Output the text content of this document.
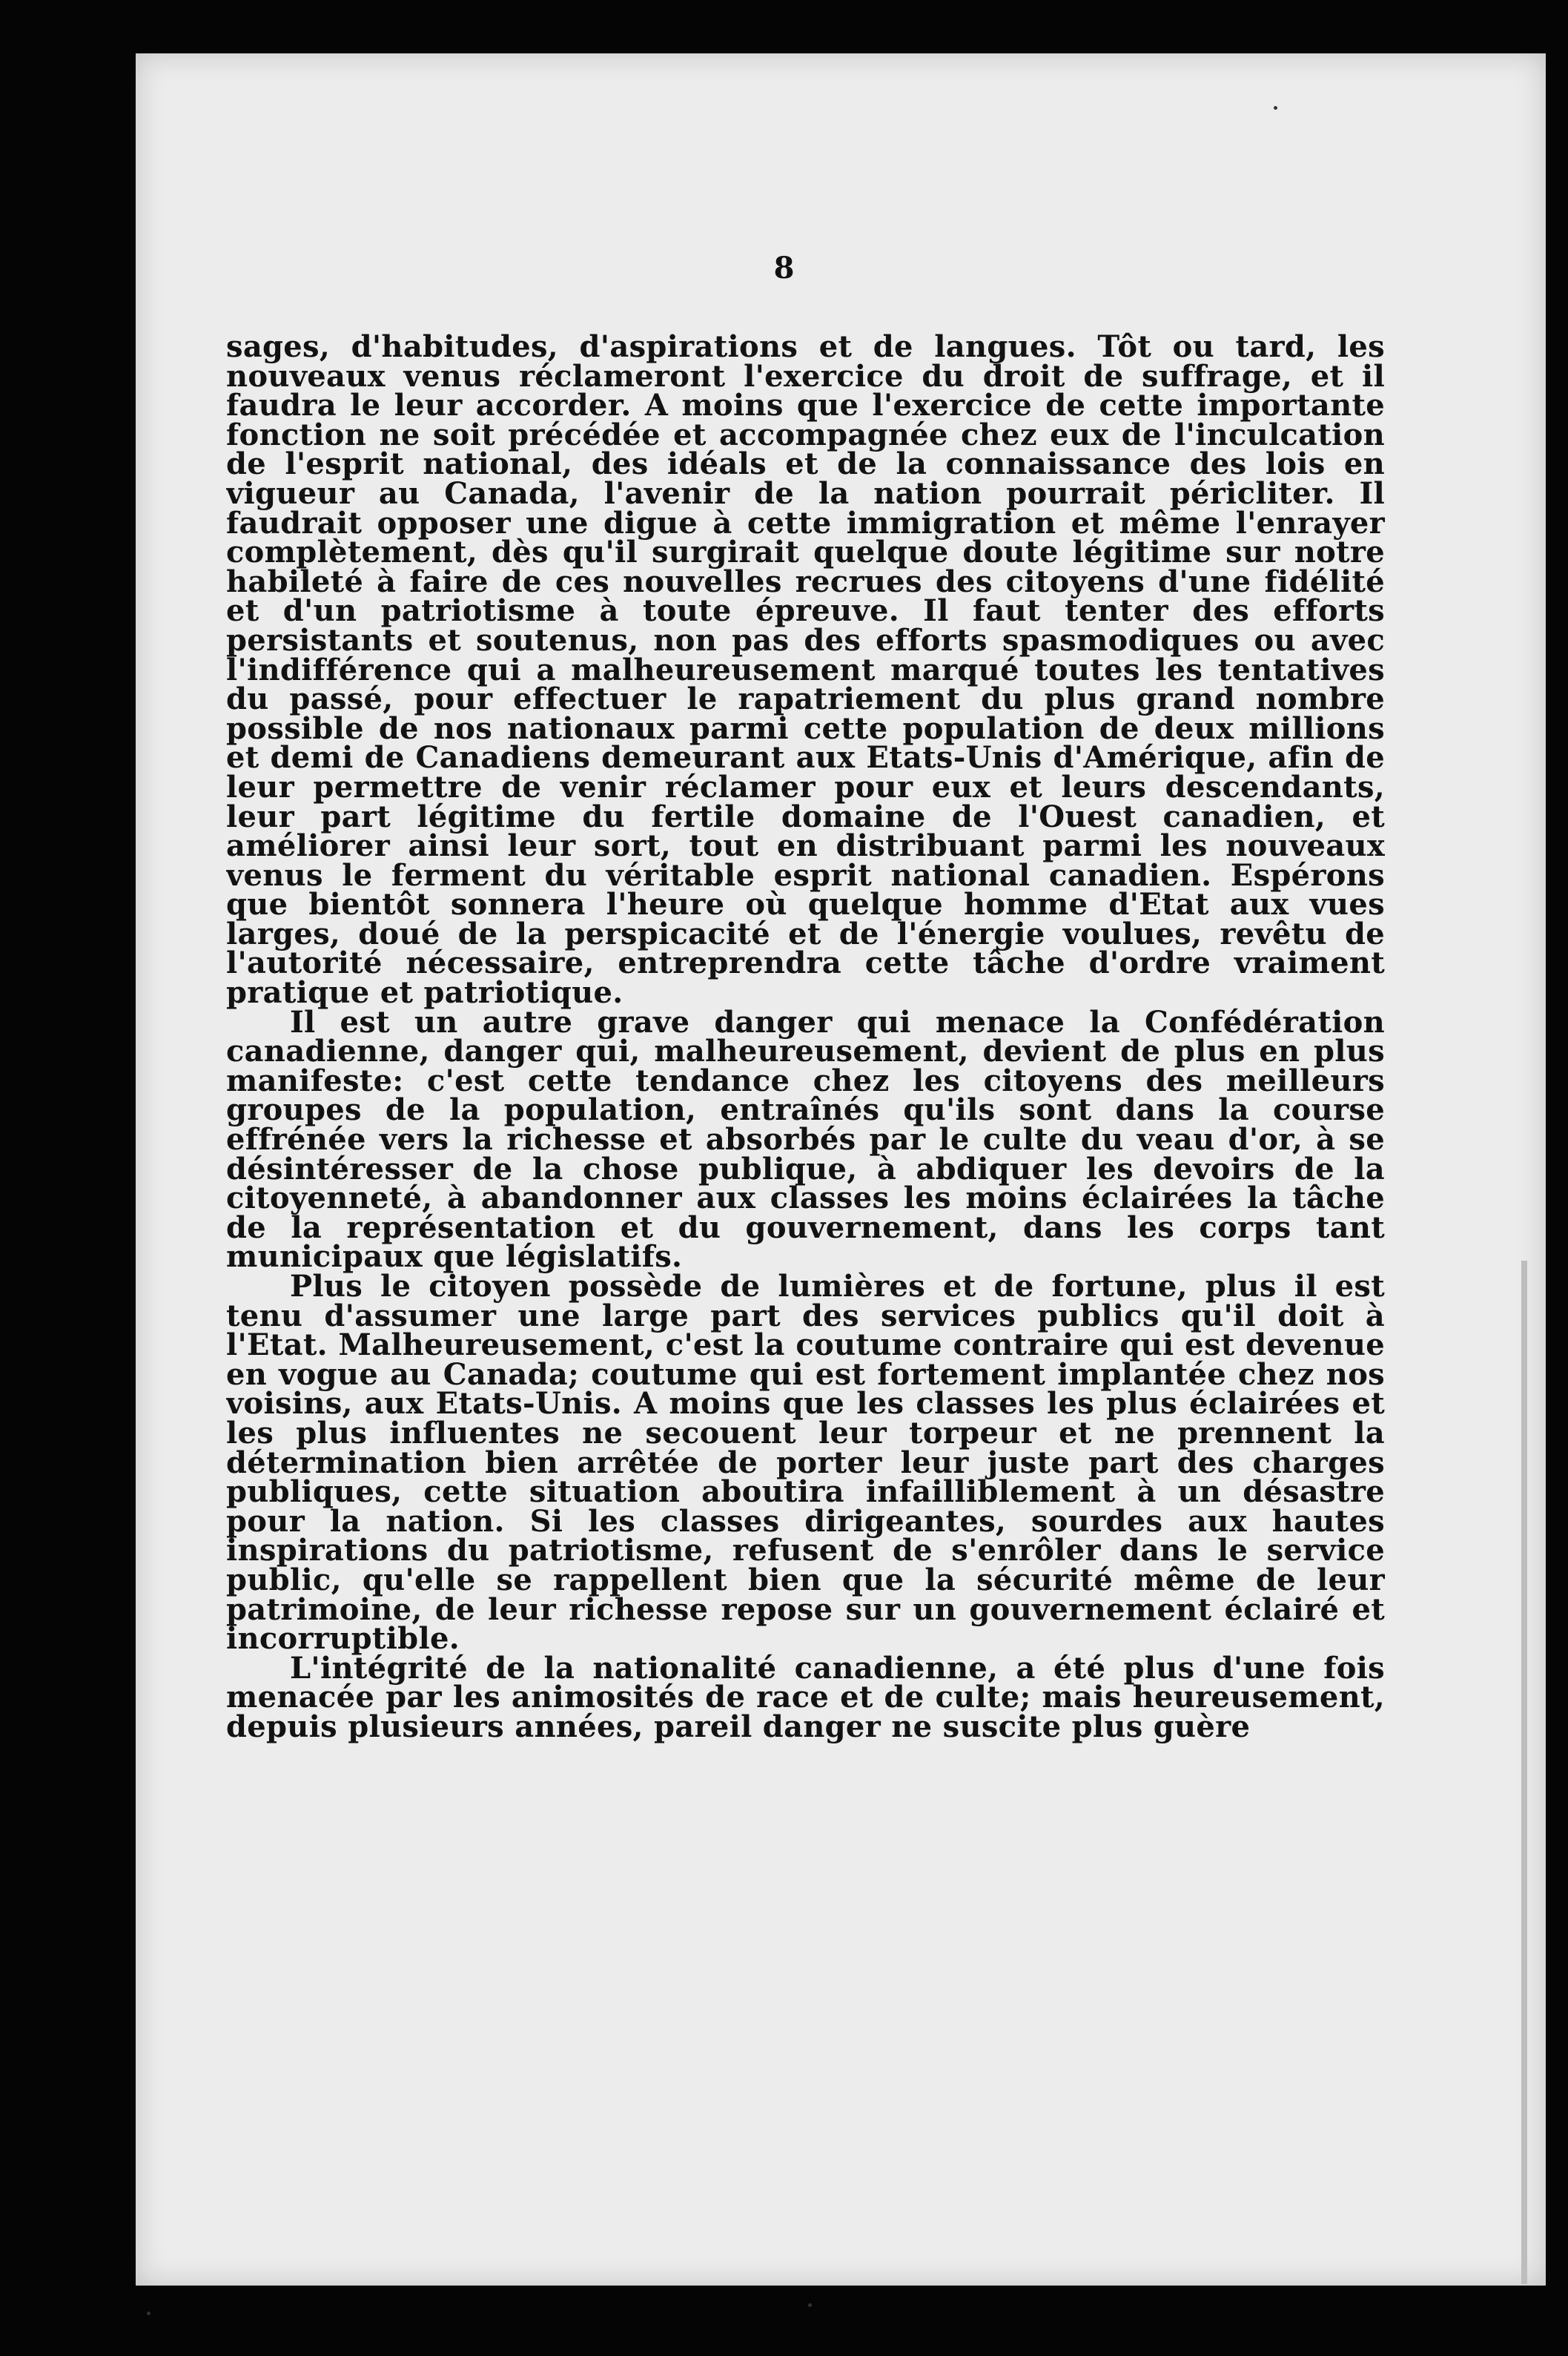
8

sages, d'habitudes, d'aspirations et de langues. Tôt ou tard, les nouveaux venus réclameront l'exercice du droit de suffrage, et il faudra le leur accorder. A moins que l'exercice de cette importante fonction ne soit précédée et accompagnée chez eux de l'inculcation de l'esprit national, des idéals et de la connaissance des lois en vigueur au Canada, l'avenir de la nation pourrait péricliter. Il faudrait opposer une digue à cette immigration et même l'enrayer complètement, dès qu'il surgirait quelque doute légitime sur notre habileté à faire de ces nouvelles recrues des citoyens d'une fidélité et d'un patriotisme à toute épreuve. Il faut tenter des efforts persistants et soutenus, non pas des efforts spasmodiques ou avec l'indifférence qui a malheureusement marqué toutes les tentatives du passé, pour effectuer le rapatriement du plus grand nombre possible de nos nationaux parmi cette population de deux millions et demi de Canadiens demeurant aux Etats-Unis d'Amérique, afin de leur permettre de venir réclamer pour eux et leurs descendants, leur part légitime du fertile domaine de l'Ouest canadien, et améliorer ainsi leur sort, tout en distribuant parmi les nouveaux venus le ferment du véritable esprit national canadien. Espérons que bientôt sonnera l'heure où quelque homme d'Etat aux vues larges, doué de la perspicacité et de l'énergie voulues, revêtu de l'autorité nécessaire, entreprendra cette tâche d'ordre vraiment pratique et patriotique.

Il est un autre grave danger qui menace la Confédération canadienne, danger qui, malheureusement, devient de plus en plus manifeste: c'est cette tendance chez les citoyens des meilleurs groupes de la population, entraînés qu'ils sont dans la course effrénée vers la richesse et absorbés par le culte du veau d'or, à se désintéresser de la chose publique, à abdiquer les devoirs de la citoyenneté, à abandonner aux classes les moins éclairées la tâche de la représentation et du gouvernement, dans les corps tant municipaux que législatifs.

Plus le citoyen possède de lumières et de fortune, plus il est tenu d'assumer une large part des services publics qu'il doit à l'Etat. Malheureusement, c'est la coutume contraire qui est devenue en vogue au Canada; coutume qui est fortement implantée chez nos voisins, aux Etats-Unis. A moins que les classes les plus éclairées et les plus influentes ne secouent leur torpeur et ne prennent la détermination bien arrêtée de porter leur juste part des charges publiques, cette situation aboutira infailliblement à un désastre pour la nation. Si les classes dirigeantes, sourdes aux hautes inspirations du patriotisme, refusent de s'enrôler dans le service public, qu'elle se rappellent bien que la sécurité même de leur patrimoine, de leur richesse repose sur un gouvernement éclairé et incorruptible.

L'intégrité de la nationalité canadienne, a été plus d'une fois menacée par les animosités de race et de culte; mais heureusement, depuis plusieurs années, pareil danger ne suscite plus guère
